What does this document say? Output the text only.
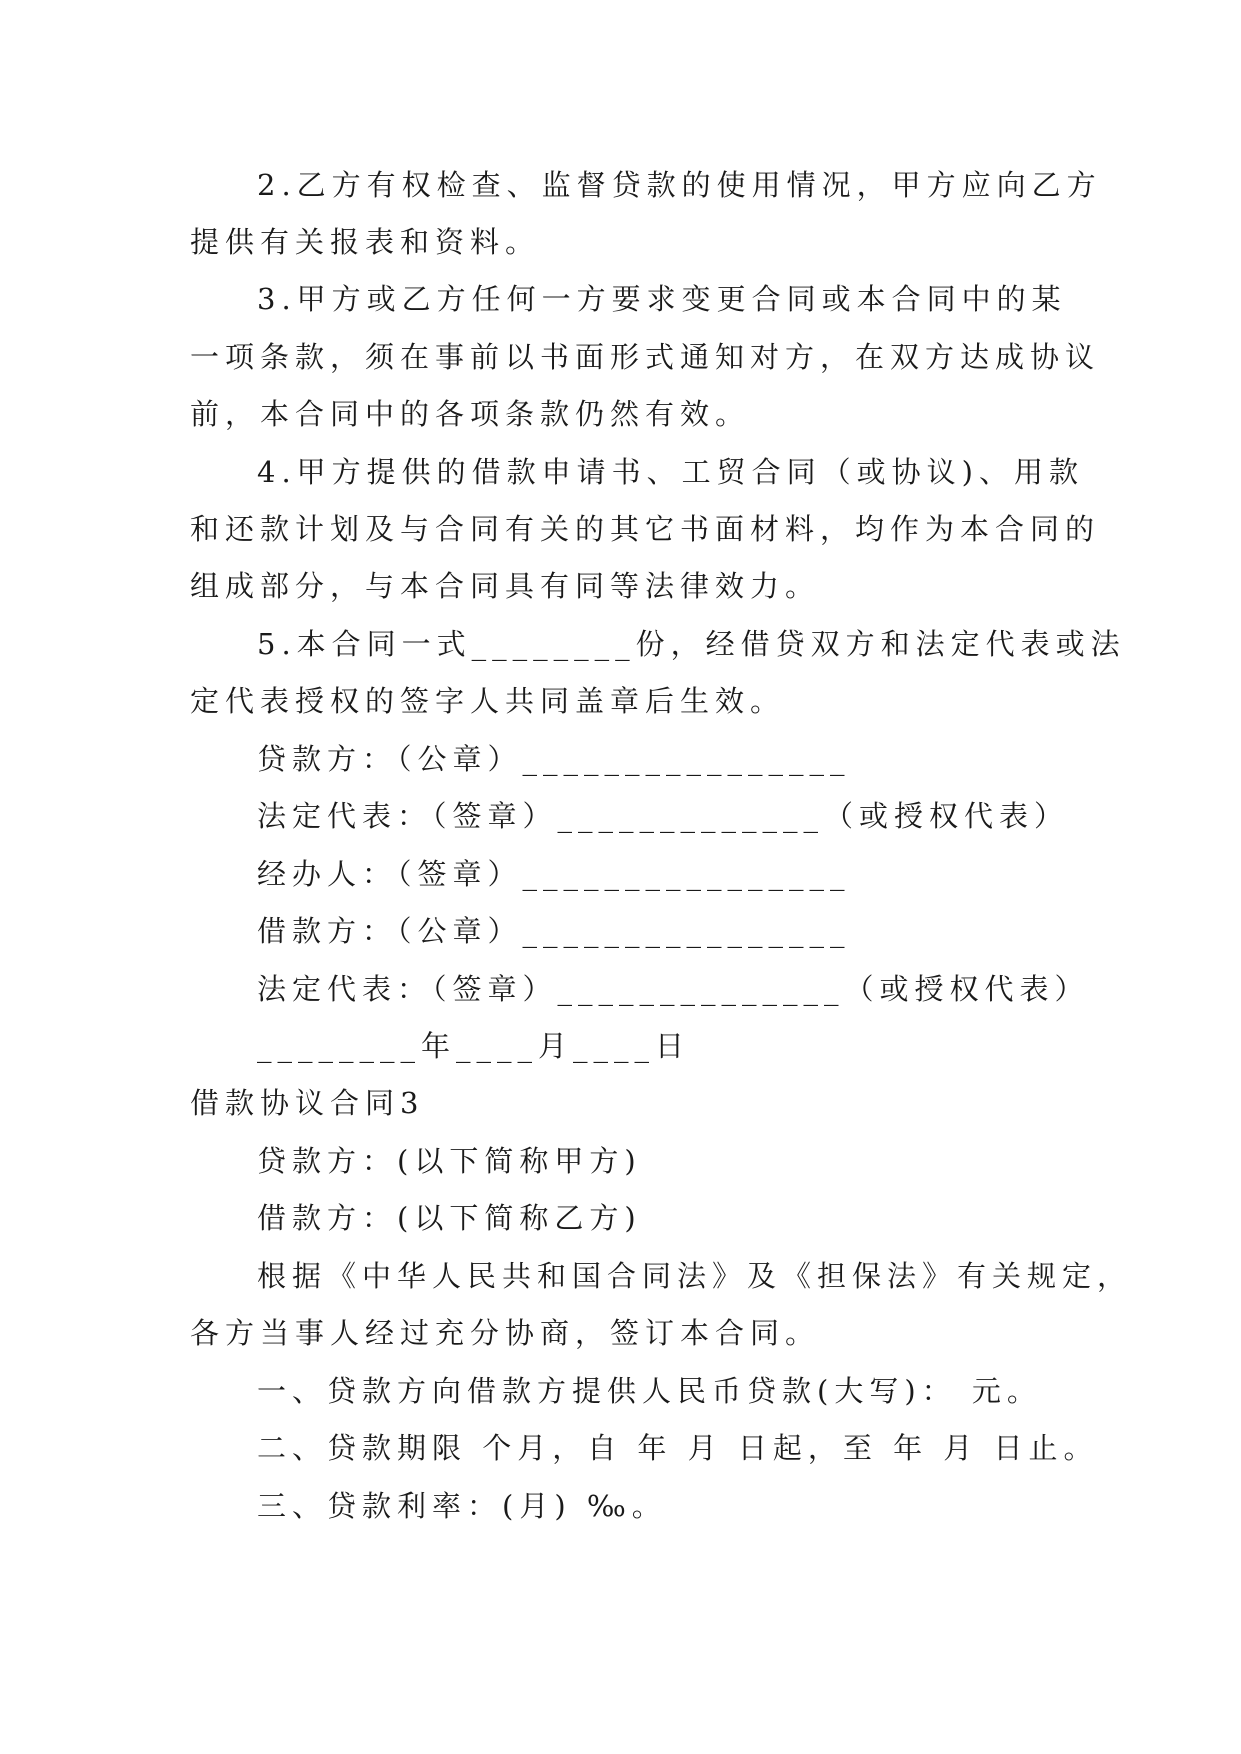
2.乙方有权检查、监督贷款的使用情况，甲方应向乙方
提供有关报表和资料。
3.甲方或乙方任何一方要求变更合同或本合同中的某
一项条款，须在事前以书面形式通知对方，在双方达成协议
前，本合同中的各项条款仍然有效。
4.甲方提供的借款申请书、工贸合同（或协议)、用款
和还款计划及与合同有关的其它书面材料，均作为本合同的
组成部分，与本合同具有同等法律效力。
5.本合同一式________份，经借贷双方和法定代表或法
定代表授权的签字人共同盖章后生效。
贷款方：（公章）________________
法定代表：（签章）_____________（或授权代表）
经办人：（签章）________________
借款方：（公章）________________
法定代表：（签章）______________（或授权代表）
________年____月____日
借款协议合同3
贷款方：(以下简称甲方)
借款方：(以下简称乙方)
根据《中华人民共和国合同法》及《担保法》有关规定，
各方当事人经过充分协商，签订本合同。
一、贷款方向借款方提供人民币贷款(大写)： 元。
二、贷款期限 个月，自 年 月 日起，至 年 月 日止。
三、贷款利率：(月) ‰。
